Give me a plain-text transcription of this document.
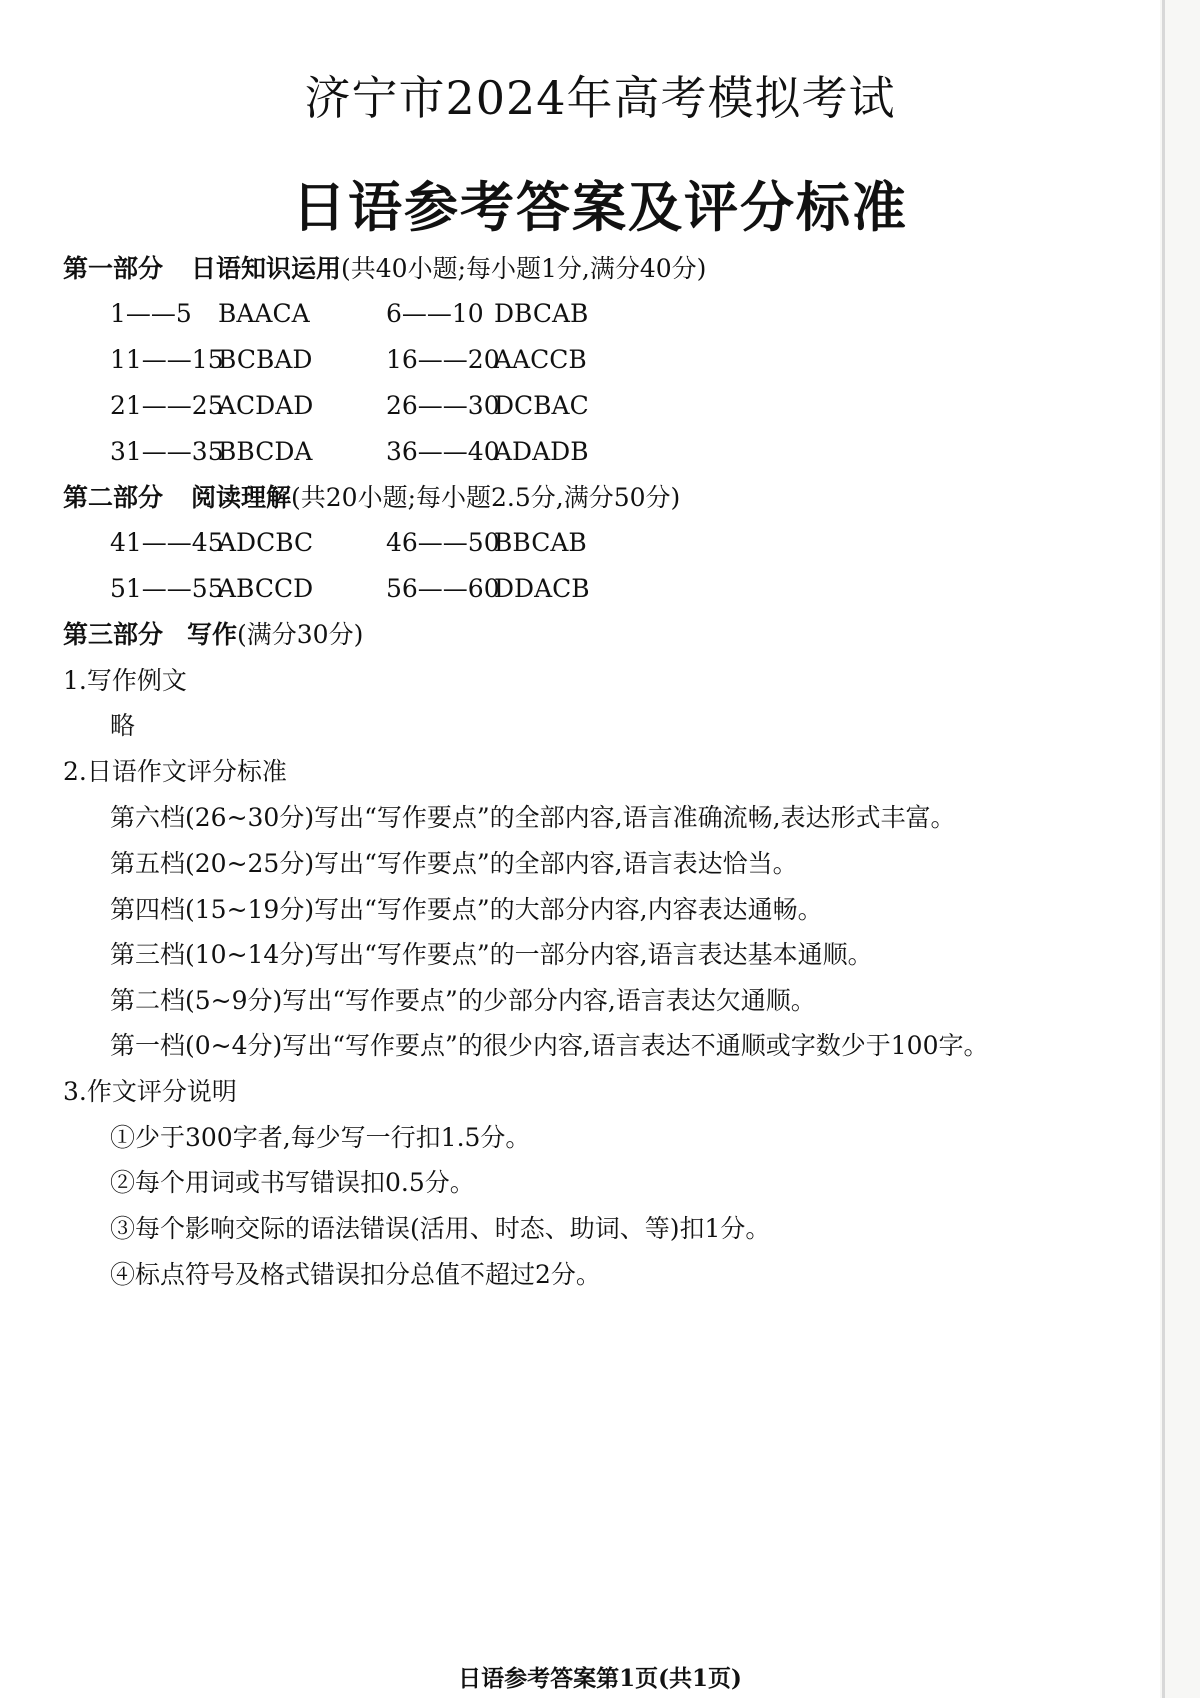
济宁市2024年高考模拟考试
日语参考答案及评分标准
第一部分 日语知识运用(共40小题;每小题1分,满分40分)
1——5 BAACA	6——10 DBCAB
11——15BCBAD	16——20AACCB
21——25ACDAD	26——30DCBAC
31——35BBCDA	36——40ADADB
第二部分 阅读理解(共20小题;每小题2.5分,满分50分)
41——45ADCBC	46——50BBCAB
51——55ABCCD	56——60DDACB
第三部分 写作(满分30分)
1.写作例文
略
2.日语作文评分标准
第六档(26~30分)写出“写作要点”的全部内容,语言准确流畅,表达形式丰富。
第五档(20~25分)写出“写作要点”的全部内容,语言表达恰当。
第四档(15~19分)写出“写作要点”的大部分内容,内容表达通畅。
第三档(10~14分)写出“写作要点”的一部分内容,语言表达基本通顺。
第二档(5~9分)写出“写作要点”的少部分内容,语言表达欠通顺。
第一档(0~4分)写出“写作要点”的很少内容,语言表达不通顺或字数少于100字。
3.作文评分说明
①少于300字者,每少写一行扣1.5分。
②每个用词或书写错误扣0.5分。
③每个影响交际的语法错误(活用、时态、助词、等)扣1分。
④标点符号及格式错误扣分总值不超过2分。
日语参考答案第1页(共1页)
